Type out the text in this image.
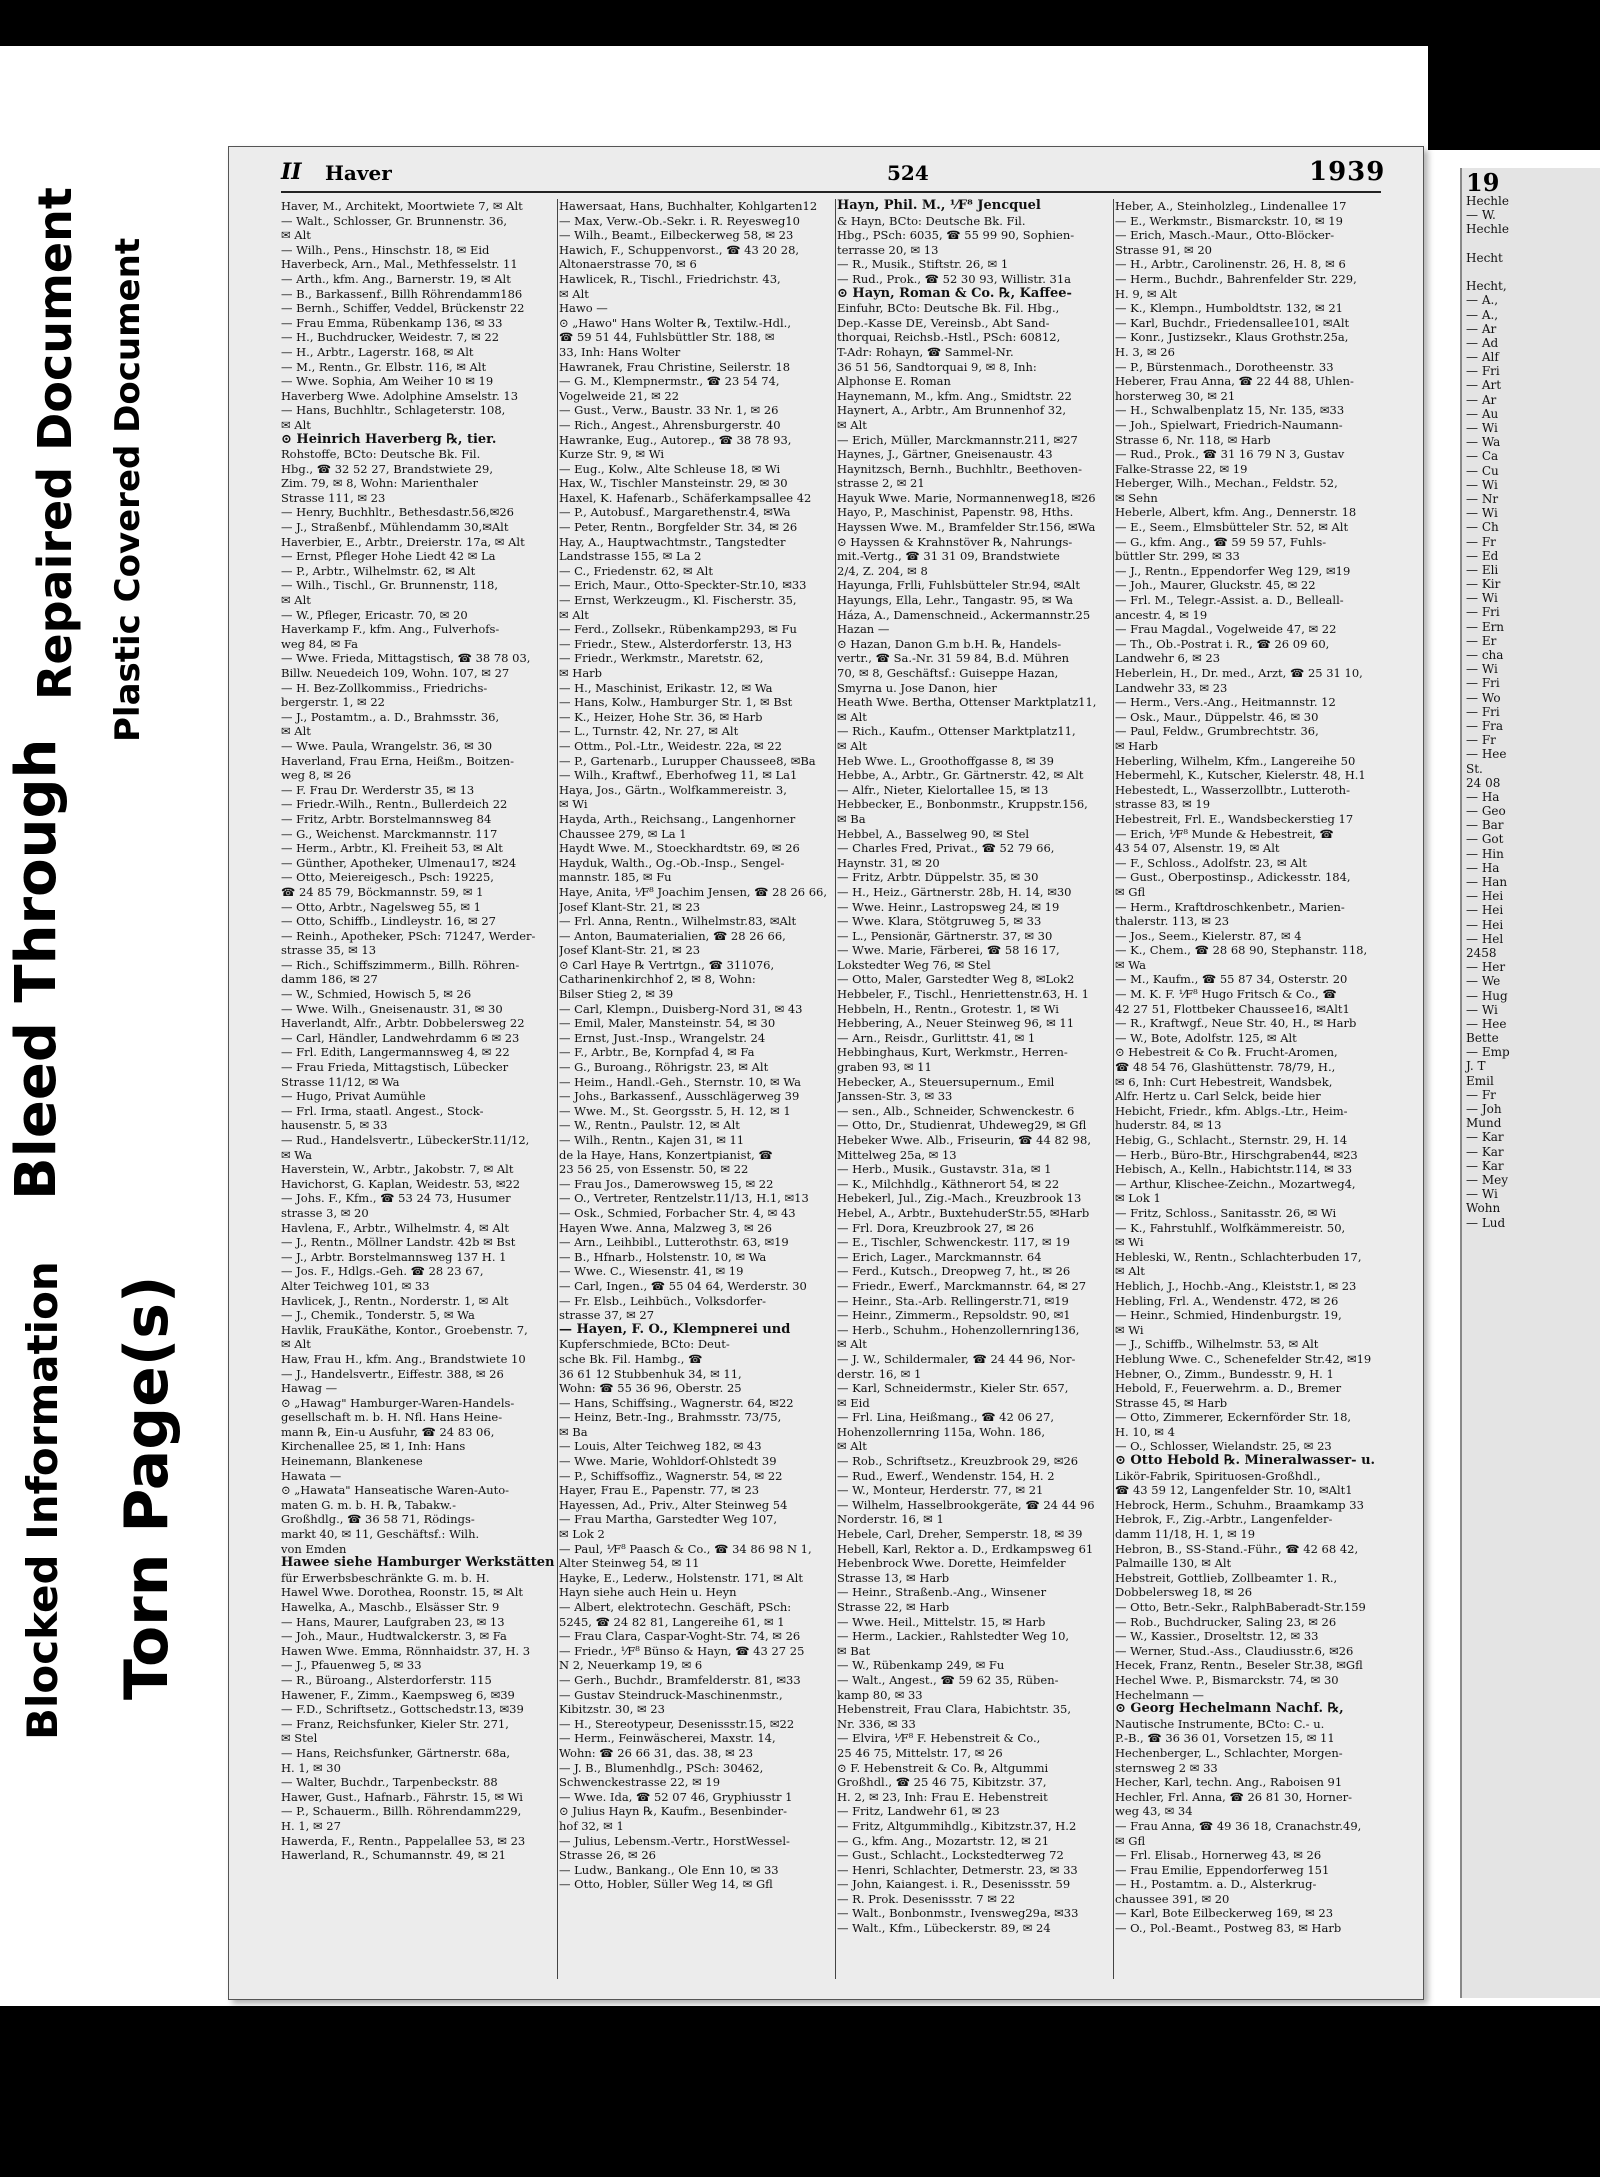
Bleed Through
Repaired Document Plastic Covered Document
Blocked Information Torn Page(s)
19
Hechle
— W.
Hechle
Hecht
Hecht,
— A.,
— A.,
— Ar
— Ad
— Alf
— Fri
— Art
— Ar
— Au
— Wi
— Wa
— Ca
— Cu
— Wi
— Nr
— Wi
— Ch
— Fr
— Ed
— Eli
— Kir
— Wi
— Fri
— Ern
— Er
— cha
— Wi
— Fri
— Wo
— Fri
— Fra
— Fr
— Hee
St.
24 08
— Ha
— Geo
— Bar
— Got
— Hin
— Ha
— Han
— Hei
— Hei
— Hei
— Hel
2458
— Her
— We
— Hug
— Wi
— Hee
Bette
— Emp
J. T
Emil
— Fr
— Joh
Mund
— Kar
— Kar
— Kar
— Mey
— Wi
Wohn
— Lud
II Haver	524	1939
Haver, M., Architekt, Moortwiete 7, ✉ Alt
— Walt., Schlosser, Gr. Brunnenstr. 36,
✉ Alt
— Wilh., Pens., Hinschstr. 18, ✉ Eid
Haverbeck, Arn., Mal., Methfesselstr. 11
— Arth., kfm. Ang., Barnerstr. 19, ✉ Alt
— B., Barkassenf., Billh Röhrendamm186
— Bernh., Schiffer, Veddel, Brückenstr 22
— Frau Emma, Rübenkamp 136, ✉ 33
— H., Buchdrucker, Weidestr. 7, ✉ 22
— H., Arbtr., Lagerstr. 168, ✉ Alt
— M., Rentn., Gr. Elbstr. 116, ✉ Alt
— Wwe. Sophia, Am Weiher 10 ✉ 19
Haverberg Wwe. Adolphine Amselstr. 13
— Hans, Buchhltr., Schlageterstr. 108,
✉ Alt
⊙ Heinrich Haverberg ℞, tier.
Rohstoffe, BCto: Deutsche Bk. Fil.
Hbg., ☎ 32 52 27, Brandstwiete 29,
Zim. 79, ✉ 8, Wohn: Marienthaler
Strasse 111, ✉ 23
— Henry, Buchhltr., Bethesdastr.56,✉26
— J., Straßenbf., Mühlendamm 30,✉Alt
Haverbier, E., Arbtr., Dreierstr. 17a, ✉ Alt
— Ernst, Pfleger Hohe Liedt 42 ✉ La
— P., Arbtr., Wilhelmstr. 62, ✉ Alt
— Wilh., Tischl., Gr. Brunnenstr, 118,
✉ Alt
— W., Pfleger, Ericastr. 70, ✉ 20
Haverkamp F., kfm. Ang., Fulverhofs-
weg 84, ✉ Fa
— Wwe. Frieda, Mittagstisch, ☎ 38 78 03,
Billw. Neuedeich 109, Wohn. 107, ✉ 27
— H. Bez-Zollkommiss., Friedrichs-
bergerstr. 1, ✉ 22
— J., Postamtm., a. D., Brahmsstr. 36,
✉ Alt
— Wwe. Paula, Wrangelstr. 36, ✉ 30
Haverland, Frau Erna, Heißm., Boitzen-
weg 8, ✉ 26
— F. Frau Dr. Werderstr 35, ✉ 13
— Friedr.-Wilh., Rentn., Bullerdeich 22
— Fritz, Arbtr. Borstelmannsweg 84
— G., Weichenst. Marckmannstr. 117
— Herm., Arbtr., Kl. Freiheit 53, ✉ Alt
— Günther, Apotheker, Ulmenau17, ✉24
— Otto, Meiereigesch., Psch: 19225,
☎ 24 85 79, Böckmannstr. 59, ✉ 1
— Otto, Arbtr., Nagelsweg 55, ✉ 1
— Otto, Schiffb., Lindleystr. 16, ✉ 27
— Reinh., Apotheker, PSch: 71247, Werder-
strasse 35, ✉ 13
— Rich., Schiffszimmerm., Billh. Röhren-
damm 186, ✉ 27
— W., Schmied, Howisch 5, ✉ 26
— Wwe. Wilh., Gneisenaustr. 31, ✉ 30
Haverlandt, Alfr., Arbtr. Dobbelersweg 22
— Carl, Händler, Landwehrdamm 6 ✉ 23
— Frl. Edith, Langermannsweg 4, ✉ 22
— Frau Frieda, Mittagstisch, Lübecker
Strasse 11/12, ✉ Wa
— Hugo, Privat Aumühle
— Frl. Irma, staatl. Angest., Stock-
hausenstr. 5, ✉ 33
— Rud., Handelsvertr., LübeckerStr.11/12,
✉ Wa
Haverstein, W., Arbtr., Jakobstr. 7, ✉ Alt
Havichorst, G. Kaplan, Weidestr. 53, ✉22
— Johs. F., Kfm., ☎ 53 24 73, Husumer
strasse 3, ✉ 20
Havlena, F., Arbtr., Wilhelmstr. 4, ✉ Alt
— J., Rentn., Möllner Landstr. 42b ✉ Bst
— J., Arbtr. Borstelmannsweg 137 H. 1
— Jos. F., Hdlgs.-Geh. ☎ 28 23 67,
Alter Teichweg 101, ✉ 33
Havlicek, J., Rentn., Norderstr. 1, ✉ Alt
— J., Chemik., Tonderstr. 5, ✉ Wa
Havlik, FrauKäthe, Kontor., Groebenstr. 7,
✉ Alt
Haw, Frau H., kfm. Ang., Brandstwiete 10
— J., Handelsvertr., Eiffestr. 388, ✉ 26
Hawag —
⊙ „Hawag" Hamburger-Waren-Handels-
gesellschaft m. b. H. Nfl. Hans Heine-
mann ℞, Ein-u Ausfuhr, ☎ 24 83 06,
Kirchenallee 25, ✉ 1, Inh: Hans
Heinemann, Blankenese
Hawata —
⊙ „Hawata" Hanseatische Waren-Auto-
maten G. m. b. H. ℞, Tabakw.-
Großhdlg., ☎ 36 58 71, Rödings-
markt 40, ✉ 11, Geschäftsf.: Wilh.
von Emden
Hawee siehe Hamburger Werkstätten
für Erwerbsbeschränkte G. m. b. H.
Hawel Wwe. Dorothea, Roonstr. 15, ✉ Alt
Hawelka, A., Maschb., Elsässer Str. 9
— Hans, Maurer, Laufgraben 23, ✉ 13
— Joh., Maur., Hudtwalckerstr. 3, ✉ Fa
Hawen Wwe. Emma, Rönnhaidstr. 37, H. 3
— J., Pfauenweg 5, ✉ 33
— R., Büroang., Alsterdorferstr. 115
Hawener, F., Zimm., Kaempsweg 6, ✉39
— F.D., Schriftsetz., Gottschedstr.13, ✉39
— Franz, Reichsfunker, Kieler Str. 271,
✉ Stel
— Hans, Reichsfunker, Gärtnerstr. 68a,
H. 1, ✉ 30
— Walter, Buchdr., Tarpenbeckstr. 88
Hawer, Gust., Hafnarb., Fährstr. 15, ✉ Wi
— P., Schauerm., Billh. Röhrendamm229,
H. 1, ✉ 27
Hawerda, F., Rentn., Pappelallee 53, ✉ 23
Hawerland, R., Schumannstr. 49, ✉ 21
Hawersaat, Hans, Buchhalter, Kohlgarten12
— Max, Verw.-Ob.-Sekr. i. R. Reyesweg10
— Wilh., Beamt., Eilbeckerweg 58, ✉ 23
Hawich, F., Schuppenvorst., ☎ 43 20 28,
Altonaerstrasse 70, ✉ 6
Hawlicek, R., Tischl., Friedrichstr. 43,
✉ Alt
Hawo —
⊙ „Hawo" Hans Wolter ℞, Textilw.-Hdl.,
☎ 59 51 44, Fuhlsbüttler Str. 188, ✉
33, Inh: Hans Wolter
Hawranek, Frau Christine, Seilerstr. 18
— G. M., Klempnermstr., ☎ 23 54 74,
Vogelweide 21, ✉ 22
— Gust., Verw., Baustr. 33 Nr. 1, ✉ 26
— Rich., Angest., Ahrensburgerstr. 40
Hawranke, Eug., Autorep., ☎ 38 78 93,
Kurze Str. 9, ✉ Wi
— Eug., Kolw., Alte Schleuse 18, ✉ Wi
Hax, W., Tischler Mansteinstr. 29, ✉ 30
Haxel, K. Hafenarb., Schäferkampsallee 42
— P., Autobusf., Margarethenstr.4, ✉Wa
— Peter, Rentn., Borgfelder Str. 34, ✉ 26
Hay, A., Hauptwachtmstr., Tangstedter
Landstrasse 155, ✉ La 2
— C., Friedenstr. 62, ✉ Alt
— Erich, Maur., Otto-Speckter-Str.10, ✉33
— Ernst, Werkzeugm., Kl. Fischerstr. 35,
✉ Alt
— Ferd., Zollsekr., Rübenkamp293, ✉ Fu
— Friedr., Stew., Alsterdorferstr. 13, H3
— Friedr., Werkmstr., Maretstr. 62,
✉ Harb
— H., Maschinist, Erikastr. 12, ✉ Wa
— Hans, Kolw., Hamburger Str. 1, ✉ Bst
— K., Heizer, Hohe Str. 36, ✉ Harb
— L., Turnstr. 42, Nr. 27, ✉ Alt
— Ottm., Pol.-Ltr., Weidestr. 22a, ✉ 22
— P., Gartenarb., Lurupper Chaussee8, ✉Ba
— Wilh., Kraftwf., Eberhofweg 11, ✉ La1
Haya, Jos., Gärtn., Wolfkammereistr. 3,
✉ Wi
Hayda, Arth., Reichsang., Langenhorner
Chaussee 279, ✉ La 1
Haydt Wwe. M., Stoeckhardtstr. 69, ✉ 26
Hayduk, Walth., Og.-Ob.-Insp., Sengel-
mannstr. 185, ✉ Fu
Haye, Anita, ⅟F⁸ Joachim Jensen, ☎ 28 26 66,
Josef Klant-Str. 21, ✉ 23
— Frl. Anna, Rentn., Wilhelmstr.83, ✉Alt
— Anton, Baumaterialien, ☎ 28 26 66,
Josef Klant-Str. 21, ✉ 23
⊙ Carl Haye ℞ Vertrtgn., ☎ 311076,
Catharinenkirchhof 2, ✉ 8, Wohn:
Bilser Stieg 2, ✉ 39
— Carl, Klempn., Duisberg-Nord 31, ✉ 43
— Emil, Maler, Mansteinstr. 54, ✉ 30
— Ernst, Just.-Insp., Wrangelstr. 24
— F., Arbtr., Be, Kornpfad 4, ✉ Fa
— G., Buroang., Röhrigstr. 23, ✉ Alt
— Heim., Handl.-Geh., Sternstr. 10, ✉ Wa
— Johs., Barkassenf., Ausschlägerweg 39
— Wwe. M., St. Georgsstr. 5, H. 12, ✉ 1
— W., Rentn., Paulstr. 12, ✉ Alt
— Wilh., Rentn., Kajen 31, ✉ 11
de la Haye, Hans, Konzertpianist, ☎
23 56 25, von Essenstr. 50, ✉ 22
— Frau Jos., Damerowsweg 15, ✉ 22
— O., Vertreter, Rentzelstr.11/13, H.1, ✉13
— Osk., Schmied, Forbacher Str. 4, ✉ 43
Hayen Wwe. Anna, Malzweg 3, ✉ 26
— Arn., Leihbibl., Lutterothstr. 63, ✉19
— B., Hfnarb., Holstenstr. 10, ✉ Wa
— Wwe. C., Wiesenstr. 41, ✉ 19
— Carl, Ingen., ☎ 55 04 64, Werderstr. 30
— Fr. Elsb., Leihbüch., Volksdorfer-
strasse 37, ✉ 27
— Hayen, F. O., Klempnerei und
Kupferschmiede, BCto: Deut-
sche Bk. Fil. Hambg., ☎
36 61 12 Stubbenhuk 34, ✉ 11,
Wohn: ☎ 55 36 96, Oberstr. 25
— Hans, Schiffsing., Wagnerstr. 64, ✉22
— Heinz, Betr.-Ing., Brahmsstr. 73/75,
✉ Ba
— Louis, Alter Teichweg 182, ✉ 43
— Wwe. Marie, Wohldorf-Ohlstedt 39
— P., Schiffsoffiz., Wagnerstr. 54, ✉ 22
Hayer, Frau E., Papenstr. 77, ✉ 23
Hayessen, Ad., Priv., Alter Steinweg 54
— Frau Martha, Garstedter Weg 107,
✉ Lok 2
— Paul, ⅟F⁸ Paasch & Co., ☎ 34 86 98 N 1,
Alter Steinweg 54, ✉ 11
Hayke, E., Lederw., Holstenstr. 171, ✉ Alt
Hayn siehe auch Hein u. Heyn
— Albert, elektrotechn. Geschäft, PSch:
5245, ☎ 24 82 81, Langereihe 61, ✉ 1
— Frau Clara, Caspar-Voght-Str. 74, ✉ 26
— Friedr., ⅟F⁸ Bünso & Hayn, ☎ 43 27 25
N 2, Neuerkamp 19, ✉ 6
— Gerh., Buchdr., Bramfelderstr. 81, ✉33
— Gustav Steindruck-Maschinenmstr.,
Kibitzstr. 30, ✉ 23
— H., Stereotypeur, Desenissstr.15, ✉22
— Herm., Feinwäscherei, Maxstr. 14,
Wohn: ☎ 26 66 31, das. 38, ✉ 23
— J. B., Blumenhdlg., PSch: 30462,
Schwenckestrasse 22, ✉ 19
— Wwe. Ida, ☎ 52 07 46, Gryphiusstr 1
⊙ Julius Hayn ℞, Kaufm., Besenbinder-
hof 32, ✉ 1
— Julius, Lebensm.-Vertr., HorstWessel-
Strasse 26, ✉ 26
— Ludw., Bankang., Ole Enn 10, ✉ 33
— Otto, Hobler, Süller Weg 14, ✉ Gfl
Hayn, Phil. M., ⅟F⁸ Jencquel
& Hayn, BCto: Deutsche Bk. Fil.
Hbg., PSch: 6035, ☎ 55 99 90, Sophien-
terrasse 20, ✉ 13
— R., Musik., Stiftstr. 26, ✉ 1
— Rud., Prok., ☎ 52 30 93, Willistr. 31a
⊙ Hayn, Roman & Co. ℞, Kaffee-
Einfuhr, BCto: Deutsche Bk. Fil. Hbg.,
Dep.-Kasse DE, Vereinsb., Abt Sand-
thorquai, Reichsb.-Hstl., PSch: 60812,
T-Adr: Rohayn, ☎ Sammel-Nr.
36 51 56, Sandtorquai 9, ✉ 8, Inh:
Alphonse E. Roman
Haynemann, M., kfm. Ang., Smidtstr. 22
Haynert, A., Arbtr., Am Brunnenhof 32,
✉ Alt
— Erich, Müller, Marckmannstr.211, ✉27
Haynes, J., Gärtner, Gneisenaustr. 43
Haynitzsch, Bernh., Buchhltr., Beethoven-
strasse 2, ✉ 21
Hayuk Wwe. Marie, Normannenweg18, ✉26
Hayo, P., Maschinist, Papenstr. 98, Hths.
Hayssen Wwe. M., Bramfelder Str.156, ✉Wa
⊙ Hayssen & Krahnstöver ℞, Nahrungs-
mit.-Vertg., ☎ 31 31 09, Brandstwiete
2/4, Z. 204, ✉ 8
Hayunga, Frlli, Fuhlsbütteler Str.94, ✉Alt
Hayungs, Ella, Lehr., Tangastr. 95, ✉ Wa
Háza, A., Damenschneid., Ackermannstr.25
Hazan —
⊙ Hazan, Danon G.m b.H. ℞, Handels-
vertr., ☎ Sa.-Nr. 31 59 84, B.d. Mühren
70, ✉ 8, Geschäftsf.: Guiseppe Hazan,
Smyrna u. Jose Danon, hier
Heath Wwe. Bertha, Ottenser Marktplatz11,
✉ Alt
— Rich., Kaufm., Ottenser Marktplatz11,
✉ Alt
Heb Wwe. L., Groothoffgasse 8, ✉ 39
Hebbe, A., Arbtr., Gr. Gärtnerstr. 42, ✉ Alt
— Alfr., Nieter, Kielortallee 15, ✉ 13
Hebbecker, E., Bonbonmstr., Kruppstr.156,
✉ Ba
Hebbel, A., Basselweg 90, ✉ Stel
— Charles Fred, Privat., ☎ 52 79 66,
Haynstr. 31, ✉ 20
— Fritz, Arbtr. Düppelstr. 35, ✉ 30
— H., Heiz., Gärtnerstr. 28b, H. 14, ✉30
— Wwe. Heinr., Lastropsweg 24, ✉ 19
— Wwe. Klara, Stötgruweg 5, ✉ 33
— L., Pensionär, Gärtnerstr. 37, ✉ 30
— Wwe. Marie, Färberei, ☎ 58 16 17,
Lokstedter Weg 76, ✉ Stel
— Otto, Maler, Garstedter Weg 8, ✉Lok2
Hebbeler, F., Tischl., Henriettenstr.63, H. 1
Hebbeln, H., Rentn., Grotestr. 1, ✉ Wi
Hebbering, A., Neuer Steinweg 96, ✉ 11
— Arn., Reisdr., Gurlittstr. 41, ✉ 1
Hebbinghaus, Kurt, Werkmstr., Herren-
graben 93, ✉ 11
Hebecker, A., Steuersupernum., Emil
Janssen-Str. 3, ✉ 33
— sen., Alb., Schneider, Schwenckestr. 6
— Otto, Dr., Studienrat, Uhdeweg29, ✉ Gfl
Hebeker Wwe. Alb., Friseurin, ☎ 44 82 98,
Mittelweg 25a, ✉ 13
— Herb., Musik., Gustavstr. 31a, ✉ 1
— K., Milchhdlg., Käthnerort 54, ✉ 22
Hebekerl, Jul., Zig.-Mach., Kreuzbrook 13
Hebel, A., Arbtr., BuxtehuderStr.55, ✉Harb
— Frl. Dora, Kreuzbrook 27, ✉ 26
— E., Tischler, Schwenckestr. 117, ✉ 19
— Erich, Lager., Marckmannstr. 64
— Ferd., Kutsch., Dreopweg 7, ht., ✉ 26
— Friedr., Ewerf., Marckmannstr. 64, ✉ 27
— Heinr., Sta.-Arb. Rellingerstr.71, ✉19
— Heinr., Zimmerm., Repsoldstr. 90, ✉1
— Herb., Schuhm., Hohenzollernring136,
✉ Alt
— J. W., Schildermaler, ☎ 24 44 96, Nor-
derstr. 16, ✉ 1
— Karl, Schneidermstr., Kieler Str. 657,
✉ Eid
— Frl. Lina, Heißmang., ☎ 42 06 27,
Hohenzollernring 115a, Wohn. 186,
✉ Alt
— Rob., Schriftsetz., Kreuzbrook 29, ✉26
— Rud., Ewerf., Wendenstr. 154, H. 2
— W., Monteur, Herderstr. 77, ✉ 21
— Wilhelm, Hasselbrookgeräte, ☎ 24 44 96
Norderstr. 16, ✉ 1
Hebele, Carl, Dreher, Semperstr. 18, ✉ 39
Hebell, Karl, Rektor a. D., Erdkampsweg 61
Hebenbrock Wwe. Dorette, Heimfelder
Strasse 13, ✉ Harb
— Heinr., Straßenb.-Ang., Winsener
Strasse 22, ✉ Harb
— Wwe. Heil., Mittelstr. 15, ✉ Harb
— Herm., Lackier., Rahlstedter Weg 10,
✉ Bat
— W., Rübenkamp 249, ✉ Fu
— Walt., Angest., ☎ 59 62 35, Rüben-
kamp 80, ✉ 33
Hebenstreit, Frau Clara, Habichtstr. 35,
Nr. 336, ✉ 33
— Elvira, ⅟F⁸ F. Hebenstreit & Co.,
25 46 75, Mittelstr. 17, ✉ 26
⊙ F. Hebenstreit & Co. ℞, Altgummi
Großhdl., ☎ 25 46 75, Kibitzstr. 37,
H. 2, ✉ 23, Inh: Frau E. Hebenstreit
— Fritz, Landwehr 61, ✉ 23
— Fritz, Altgummihdlg., Kibitzstr.37, H.2
— G., kfm. Ang., Mozartstr. 12, ✉ 21
— Gust., Schlacht., Lockstedterweg 72
— Henri, Schlachter, Detmerstr. 23, ✉ 33
— John, Kaiangest. i. R., Desenissstr. 59
— R. Prok. Desenissstr. 7 ✉ 22
— Walt., Bonbonmstr., Ivensweg29a, ✉33
— Walt., Kfm., Lübeckerstr. 89, ✉ 24
Heber, A., Steinholzleg., Lindenallee 17
— E., Werkmstr., Bismarckstr. 10, ✉ 19
— Erich, Masch.-Maur., Otto-Blöcker-
Strasse 91, ✉ 20
— H., Arbtr., Carolinenstr. 26, H. 8, ✉ 6
— Herm., Buchdr., Bahrenfelder Str. 229,
H. 9, ✉ Alt
— K., Klempn., Humboldtstr. 132, ✉ 21
— Karl, Buchdr., Friedensallee101, ✉Alt
— Konr., Justizsekr., Klaus Grothstr.25a,
H. 3, ✉ 26
— P., Bürstenmach., Dorotheenstr. 33
Heberer, Frau Anna, ☎ 22 44 88, Uhlen-
horsterweg 30, ✉ 21
— H., Schwalbenplatz 15, Nr. 135, ✉33
— Joh., Spielwart, Friedrich-Naumann-
Strasse 6, Nr. 118, ✉ Harb
— Rud., Prok., ☎ 31 16 79 N 3, Gustav
Falke-Strasse 22, ✉ 19
Heberger, Wilh., Mechan., Feldstr. 52,
✉ Sehn
Heberle, Albert, kfm. Ang., Dennerstr. 18
— E., Seem., Elmsbütteler Str. 52, ✉ Alt
— G., kfm. Ang., ☎ 59 59 57, Fuhls-
büttler Str. 299, ✉ 33
— J., Rentn., Eppendorfer Weg 129, ✉19
— Joh., Maurer, Gluckstr. 45, ✉ 22
— Frl. M., Telegr.-Assist. a. D., Belleall-
ancestr. 4, ✉ 19
— Frau Magdal., Vogelweide 47, ✉ 22
— Th., Ob.-Postrat i. R., ☎ 26 09 60,
Landwehr 6, ✉ 23
Heberlein, H., Dr. med., Arzt, ☎ 25 31 10,
Landwehr 33, ✉ 23
— Herm., Vers.-Ang., Heitmannstr. 12
— Osk., Maur., Düppelstr. 46, ✉ 30
— Paul, Feldw., Grumbrechtstr. 36,
✉ Harb
Heberling, Wilhelm, Kfm., Langereihe 50
Hebermehl, K., Kutscher, Kielerstr. 48, H.1
Hebestedt, L., Wasserzollbtr., Lutteroth-
strasse 83, ✉ 19
Hebestreit, Frl. E., Wandsbeckerstieg 17
— Erich, ⅟F⁸ Munde & Hebestreit, ☎
43 54 07, Alsenstr. 19, ✉ Alt
— F., Schloss., Adolfstr. 23, ✉ Alt
— Gust., Oberpostinsp., Adickesstr. 184,
✉ Gfl
— Herm., Kraftdroschkenbetr., Marien-
thalerstr. 113, ✉ 23
— Jos., Seem., Kielerstr. 87, ✉ 4
— K., Chem., ☎ 28 68 90, Stephanstr. 118,
✉ Wa
— M., Kaufm., ☎ 55 87 34, Osterstr. 20
— M. K. F. ⅟F⁸ Hugo Fritsch & Co., ☎
42 27 51, Flottbeker Chaussee16, ✉Alt1
— R., Kraftwgf., Neue Str. 40, H., ✉ Harb
— W., Bote, Adolfstr. 125, ✉ Alt
⊙ Hebestreit & Co ℞. Frucht-Aromen,
☎ 48 54 76, Glashüttenstr. 78/79, H.,
✉ 6, Inh: Curt Hebestreit, Wandsbek,
Alfr. Hertz u. Carl Selck, beide hier
Hebicht, Friedr., kfm. Ablgs.-Ltr., Heim-
huderstr. 84, ✉ 13
Hebig, G., Schlacht., Sternstr. 29, H. 14
— Herb., Büro-Btr., Hirschgraben44, ✉23
Hebisch, A., Kelln., Habichtstr.114, ✉ 33
— Arthur, Klischee-Zeichn., Mozartweg4,
✉ Lok 1
— Fritz, Schloss., Sanitasstr. 26, ✉ Wi
— K., Fahrstuhlf., Wolfkämmereistr. 50,
✉ Wi
Hebleski, W., Rentn., Schlachterbuden 17,
✉ Alt
Heblich, J., Hochb.-Ang., Kleiststr.1, ✉ 23
Hebling, Frl. A., Wendenstr. 472, ✉ 26
— Heinr., Schmied, Hindenburgstr. 19,
✉ Wi
— J., Schiffb., Wilhelmstr. 53, ✉ Alt
Heblung Wwe. C., Schenefelder Str.42, ✉19
Hebner, O., Zimm., Bundesstr. 9, H. 1
Hebold, F., Feuerwehrm. a. D., Bremer
Strasse 45, ✉ Harb
— Otto, Zimmerer, Eckernförder Str. 18,
H. 10, ✉ 4
— O., Schlosser, Wielandstr. 25, ✉ 23
⊙ Otto Hebold ℞. Mineralwasser- u.
Likör-Fabrik, Spirituosen-Großhdl.,
☎ 43 59 12, Langenfelder Str. 10, ✉Alt1
Hebrock, Herm., Schuhm., Braamkamp 33
Hebrok, F., Zig.-Arbtr., Langenfelder-
damm 11/18, H. 1, ✉ 19
Hebron, B., SS-Stand.-Führ., ☎ 42 68 42,
Palmaille 130, ✉ Alt
Hebstreit, Gottlieb, Zollbeamter 1. R.,
Dobbelersweg 18, ✉ 26
— Otto, Betr.-Sekr., RalphBaberadt-Str.159
— Rob., Buchdrucker, Saling 23, ✉ 26
— W., Kassier., Droseltstr. 12, ✉ 33
— Werner, Stud.-Ass., Claudiusstr.6, ✉26
Hecek, Franz, Rentn., Beseler Str.38, ✉Gfl
Hechel Wwe. P., Bismarckstr. 74, ✉ 30
Hechelmann —
⊙ Georg Hechelmann Nachf. ℞,
Nautische Instrumente, BCto: C.- u.
P.-B., ☎ 36 36 01, Vorsetzen 15, ✉ 11
Hechenberger, L., Schlachter, Morgen-
sternsweg 2 ✉ 33
Hecher, Karl, techn. Ang., Raboisen 91
Hechler, Frl. Anna, ☎ 26 81 30, Horner-
weg 43, ✉ 34
— Frau Anna, ☎ 49 36 18, Cranachstr.49,
✉ Gfl
— Frl. Elisab., Hornerweg 43, ✉ 26
— Frau Emilie, Eppendorferweg 151
— H., Postamtm. a. D., Alsterkrug-
chaussee 391, ✉ 20
— Karl, Bote Eilbeckerweg 169, ✉ 23
— O., Pol.-Beamt., Postweg 83, ✉ Harb
